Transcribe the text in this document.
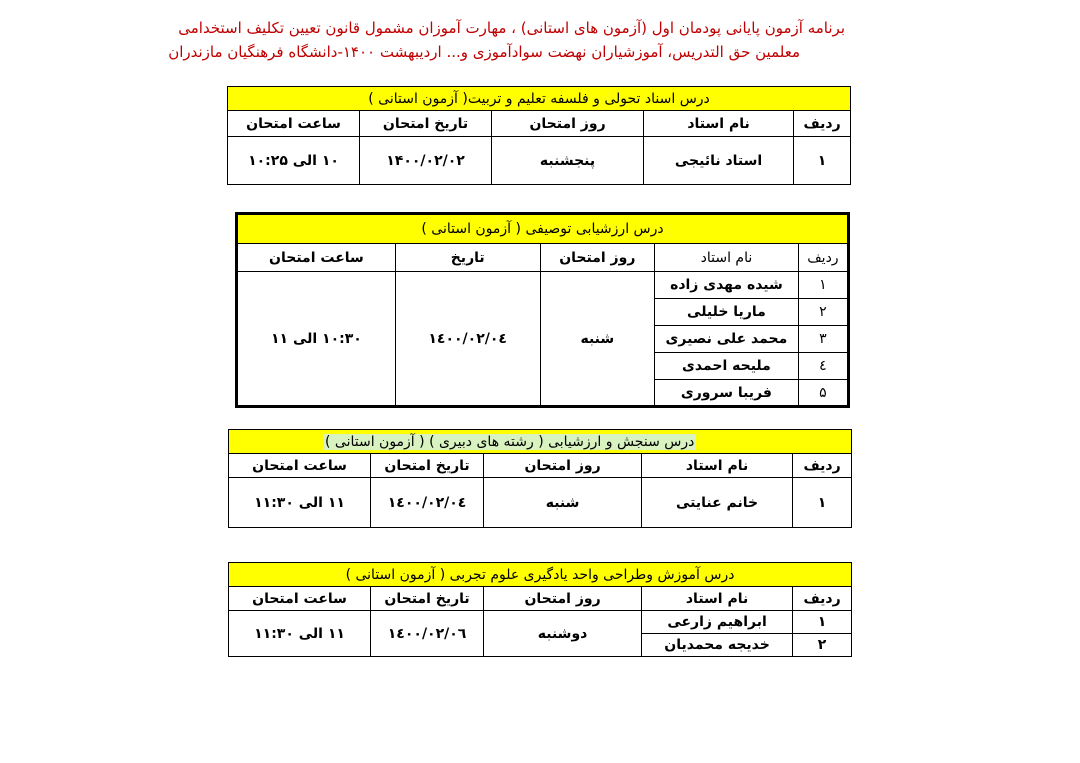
برنامه آزمون پایانی پودمان اول (آزمون های استانی) ، مهارت آموزان مشمول قانون تعیین تکلیف استخدامی
معلمین حق التدریس، آموزشیاران نهضت سوادآموزی و... اردیبهشت ۱۴۰۰-دانشگاه فرهنگیان مازندران
درس اسناد تحولی و فلسفه تعلیم و تربیت( آزمون استانی )				
ردیف	نام استاد	روز امتحان	تاریخ امتحان	ساعت امتحان
۱	استاد نائیجی	پنجشنبه	۱۴۰۰/۰۲/۰۲	۱۰ الی ۱۰:۲۵
درس ارزشیابی توصیفی ( آزمون استانی )				
ردیف	نام استاد	روز امتحان	تاریخ	ساعت امتحان
۱	شیده مهدی زاده	شنبه	۱٤۰۰/۰۲/۰٤	۱۰:۳۰ الی ۱۱
۲	ماریا خلیلی			
۳	محمد علی نصیری			
٤	ملیحه احمدی			
۵	فریبا سروری			
درس سنجش و ارزشیابی ( رشته های دبیری ) ( آزمون استانی )				
ردیف	نام استاد	روز امتحان	تاریخ امتحان	ساعت امتحان
۱	خانم عنایتی	شنبه	۱٤۰۰/۰۲/۰٤	۱۱ الی ۱۱:۳۰
درس آموزش وطراحی واحد یادگیری علوم تجربی ( آزمون استانی )				
ردیف	نام استاد	روز امتحان	تاریخ امتحان	ساعت امتحان
۱	ابراهیم زارعی	دوشنبه	۱٤۰۰/۰۲/۰٦	۱۱ الی ۱۱:۳۰
۲	خدیجه محمدیان			
